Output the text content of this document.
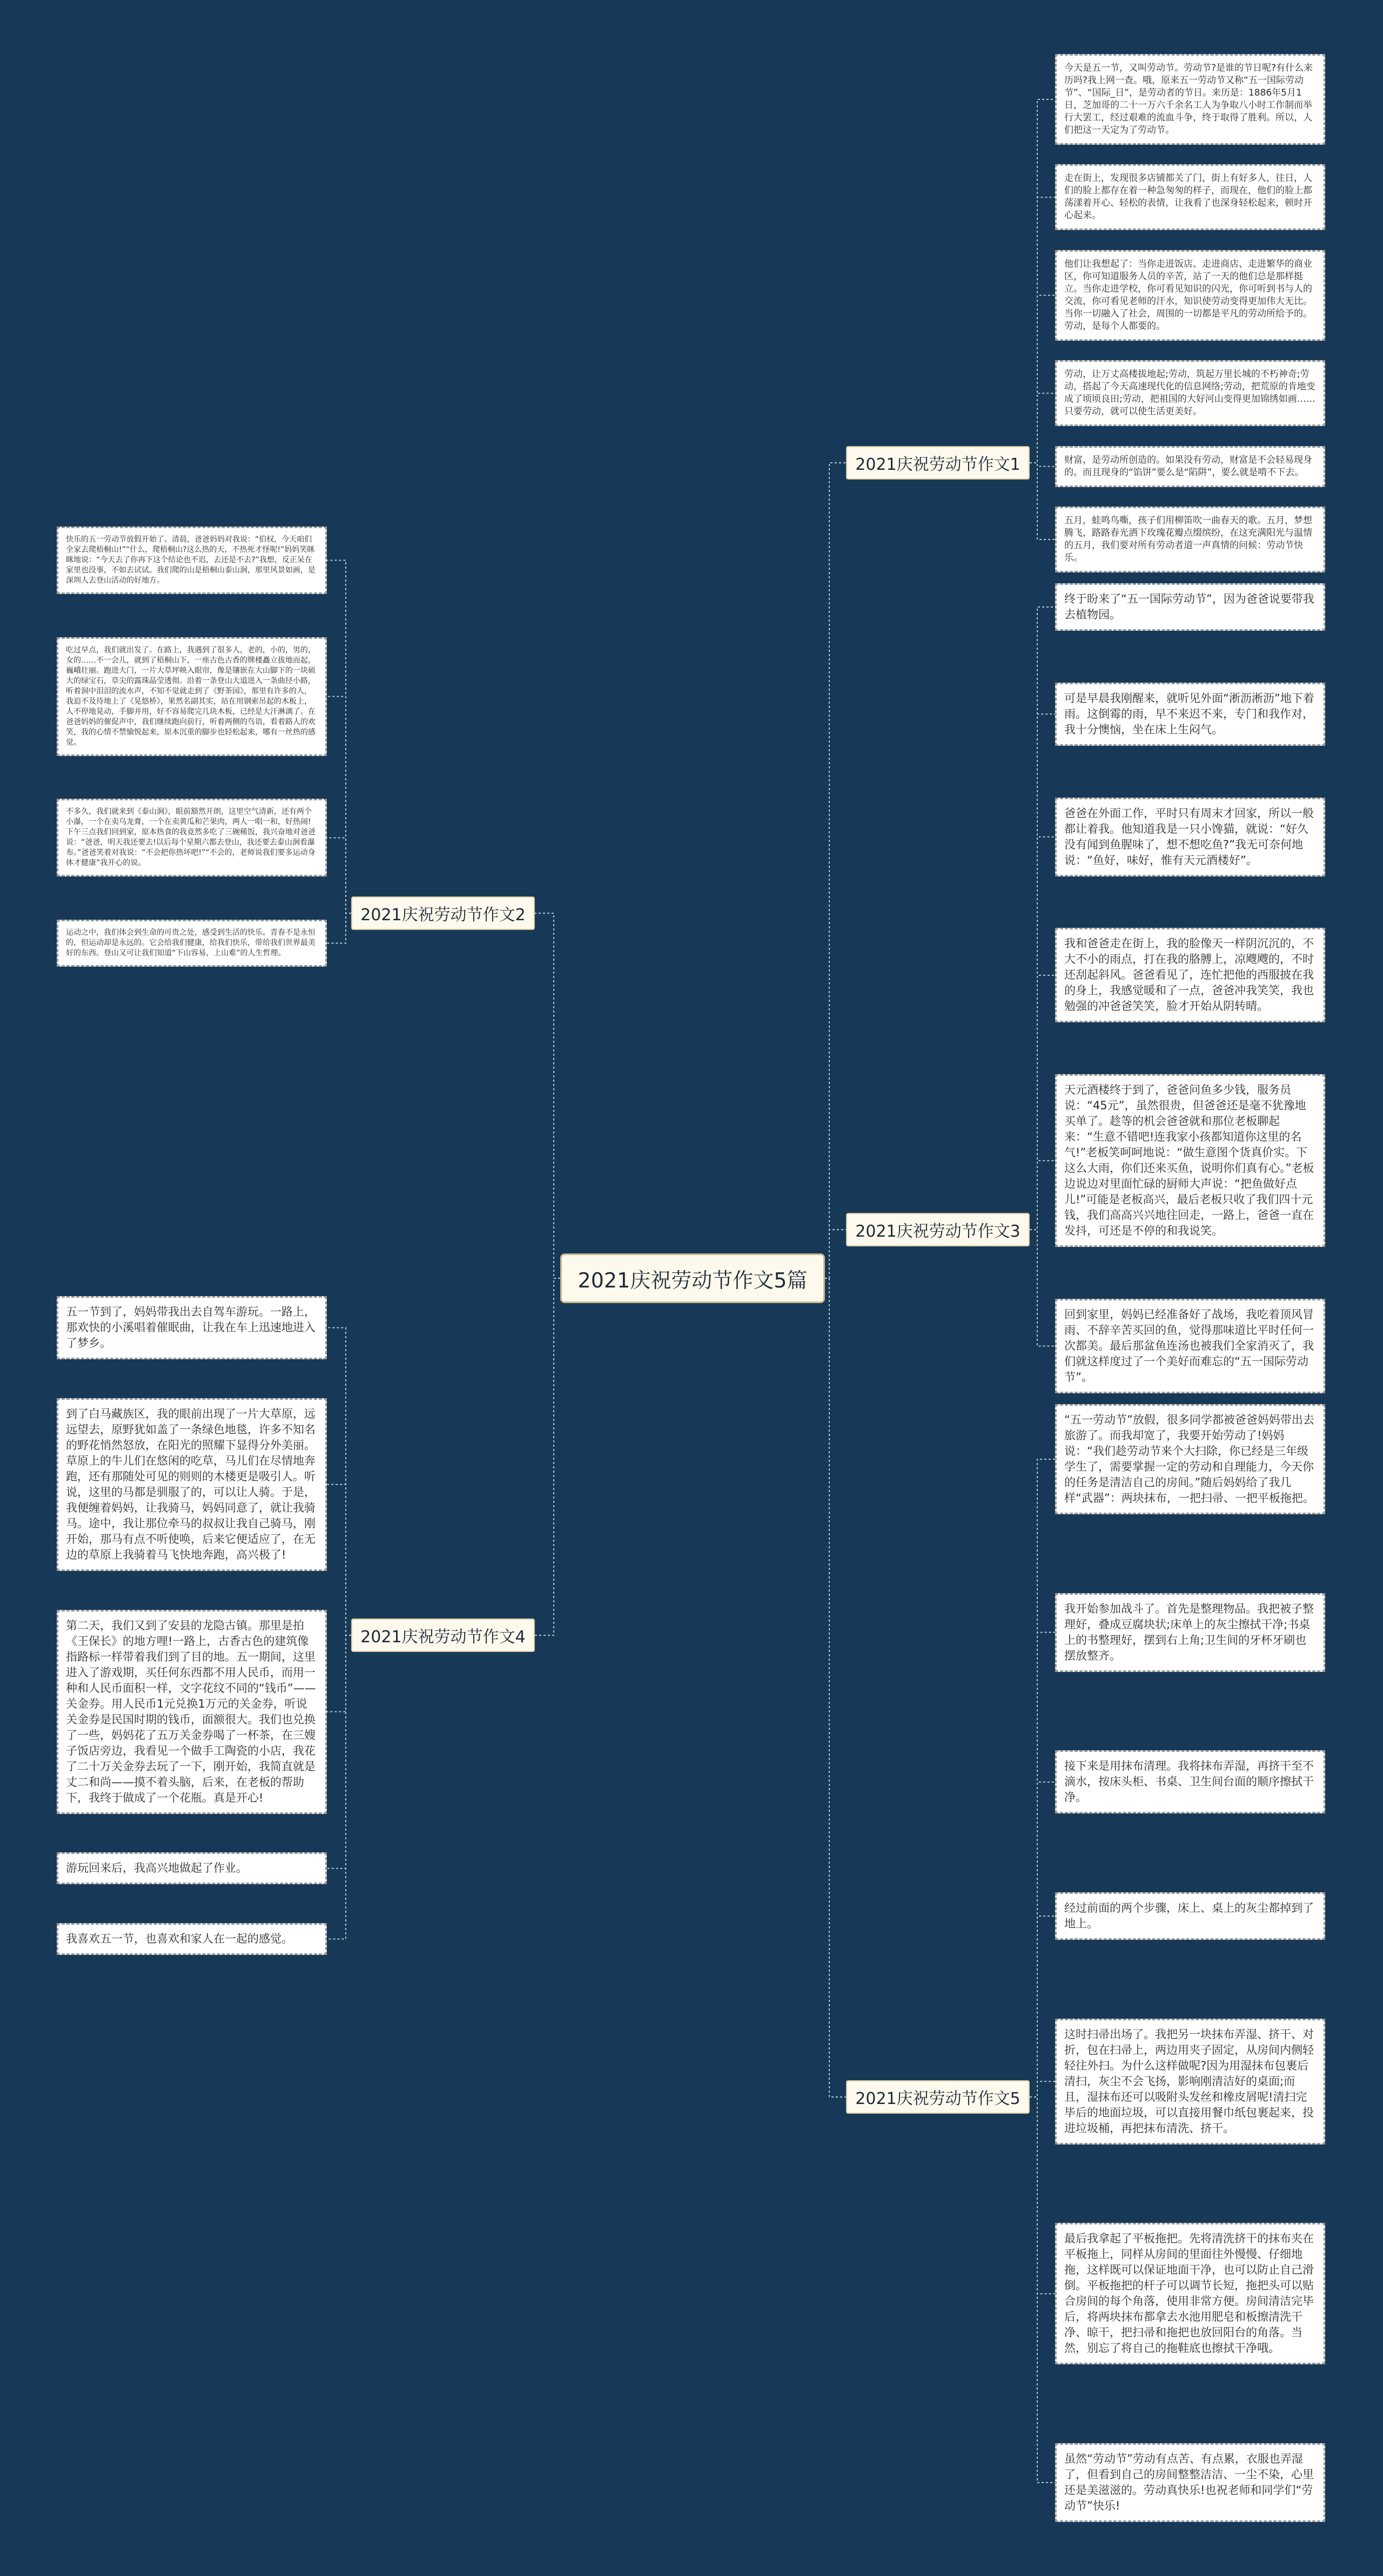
2021庆祝劳动节作文5篇
2021庆祝劳动节作文1
2021庆祝劳动节作文2
2021庆祝劳动节作文3
2021庆祝劳动节作文4
2021庆祝劳动节作文5
今天是五一节，又叫劳动节。劳动节?是谁的节日呢?有什么来历吗?我上网一查。哦，原来五一劳动节又称“五一国际劳动节”、“国际_日”，是劳动者的节日。来历是：1886年5月1日，芝加哥的二十一万六千余名工人为争取八小时工作制而举行大罢工，经过艰难的流血斗争，终于取得了胜利。所以，人们把这一天定为了劳动节。
走在街上，发现很多店铺都关了门，街上有好多人，往日，人们的脸上都存在着一种急匆匆的样子，而现在，他们的脸上都荡漾着开心、轻松的表情，让我看了也深身轻松起来，顿时开心起来。
他们让我想起了：当你走进饭店、走进商店、走进繁华的商业区，你可知道服务人员的辛苦，站了一天的他们总是那样挺立。当你走进学校，你可看见知识的闪光，你可听到书与人的交流，你可看见老师的汗水，知识使劳动变得更加伟大无比。当你一切融入了社会，周围的一切都是平凡的劳动所给予的。劳动，是每个人都要的。
劳动，让万丈高楼拔地起;劳动，筑起万里长城的不朽神奇;劳动，搭起了今天高速现代化的信息网络;劳动，把荒原的肯地变成了顷顷良田;劳动，把祖国的大好河山变得更加锦绣如画……只要劳动，就可以使生活更美好。
财富，是劳动所创造的。如果没有劳动，财富是不会轻易现身的。而且现身的“馅饼”要么是“陷阱”，要么就是啃不下去。
五月，蛙鸣鸟嘶，孩子们用柳笛吹一曲春天的歌。五月，梦想腾飞，路路春光洒下玫瑰花瓣点缀缤纷，在这充满阳光与温情的五月，我们要对所有劳动者道一声真情的问候：劳动节快乐。
快乐的五一劳动节放假开始了。清晨，爸爸妈妈对我说：“伯权，今天咱们全家去爬梧桐山!”“什么，爬梧桐山?这么热的天，不热死才怪呢!”妈妈笑眯眯地说：“今天去了你再下这个结论也不迟，去还是不去?”我想，反正呆在家里也没事，不如去试试。我们爬的山是梧桐山泰山涧，那里风景如画，是深圳人去登山活动的好地方。
吃过早点，我们就出发了。在路上，我遇到了很多人，老的，小的，男的，女的……不一会儿，就到了梧桐山下，一座古色古香的牌楼矗立拔地而起，巍峨壮丽。跑进大门，一片大草坪映入眼帘，像是镶嵌在大山脚下的一块硕大的绿宝石，草尖的露珠晶莹透彻。沿着一条登山大道进入一条曲径小路，听着洞中泪泪的流水声，不知不觉就走到了《野茶园》，那里有许多的人，我迫不及待地上了《晃悠桥》，果然名副其实，站在用钢索吊起的木板上，人不停地晃动，手脚并用，好不容易爬完几块木板，已经是大汗淋漓了。在爸爸妈妈的催促声中，我们继续跑向前行，听着两侧的鸟语，看着路人的欢笑，我的心情不禁愉悦起来，原本沉重的脚步也轻松起来，哪有一丝热的感觉。
不多久，我们就来到《泰山涧》，眼前豁然开朗，这里空气清新，还有两个小瀑，一个在卖乌龙膏，一个在卖黄瓜和芒果肉，两人一唱一和，好热闹!下午三点我们回到家，原本热食的我竟然多吃了三碗稀饭，我兴奋地对爸爸说：“爸爸，明天我还要去!以后每个星期六都去登山，我还要去泰山涧看瀑布。”爸爸笑着对我说：“不会把你热坏吧!”“不会的，老师说我们要多运动身体才健康”我开心的说。
运动之中，我们体会到生命的可贵之处，感受到生活的快乐。青春不是永恒的，但运动却是永远的。它会给我们健康，给我们快乐，带给我们世界最美好的东西。登山又可让我们知道“下山容易，上山难”的人生哲理。
终于盼来了“五一国际劳动节”，因为爸爸说要带我去植物园。
可是早晨我刚醒来，就听见外面“淅沥淅沥”地下着雨。这倒霉的雨，早不来迟不来，专门和我作对，我十分懊恼，坐在床上生闷气。
爸爸在外面工作，平时只有周末才回家，所以一般都让着我。他知道我是一只小馋猫，就说：“好久没有闻到鱼腥味了，想不想吃鱼?”我无可奈何地说：“鱼好，味好，惟有天元酒楼好”。
我和爸爸走在街上，我的脸像天一样阴沉沉的，不大不小的雨点，打在我的胳膊上，凉飕飕的，不时还刮起斜风。爸爸看见了，连忙把他的西服披在我的身上，我感觉暖和了一点，爸爸冲我笑笑，我也勉强的冲爸爸笑笑，脸才开始从阴转晴。
天元酒楼终于到了，爸爸问鱼多少钱，服务员说：“45元”，虽然很贵，但爸爸还是毫不犹豫地买单了。趁等的机会爸爸就和那位老板聊起来：“生意不错吧!连我家小孩都知道你这里的名气!”老板笑呵呵地说：“做生意图个货真价实。下这么大雨，你们还来买鱼，说明你们真有心。”老板边说边对里面忙碌的厨师大声说：“把鱼做好点儿!”可能是老板高兴，最后老板只收了我们四十元钱，我们高高兴兴地往回走，一路上，爸爸一直在发抖，可还是不停的和我说笑。
回到家里，妈妈已经准备好了战场，我吃着顶风冒雨、不辞辛苦买回的鱼，觉得那味道比平时任何一次都美。最后那盆鱼连汤也被我们全家消灭了，我们就这样度过了一个美好而难忘的“五一国际劳动节”。
五一节到了，妈妈带我出去自驾车游玩。一路上，那欢快的小溪唱着催眠曲，让我在车上迅速地进入了梦乡。
到了白马藏族区，我的眼前出现了一片大草原，远远望去，原野犹如盖了一条绿色地毯，许多不知名的野花悄然怒放，在阳光的照耀下显得分外美丽。草原上的牛儿们在悠闲的吃草，马儿们在尽情地奔跑，还有那随处可见的则则的木楼更是吸引人。听说，这里的马都是驯服了的，可以让人骑。于是，我便缠着妈妈，让我骑马，妈妈同意了，就让我骑马。途中，我让那位牵马的叔叔让我自己骑马，刚开始，那马有点不听使唤，后来它便适应了，在无边的草原上我骑着马飞快地奔跑，高兴极了!
第二天，我们又到了安县的龙隐古镇。那里是拍《王保长》的地方哩!一路上，古香古色的建筑像指路标一样带着我们到了目的地。五一期间，这里进入了游戏期，买任何东西都不用人民币，而用一种和人民币面积一样，文字花纹不同的“钱币”——关金券。用人民币1元兑换1万元的关金券，听说关金券是民国时期的钱币，面额很大。我们也兑换了一些，妈妈花了五万关金券喝了一杯茶，在三嫂子饭店旁边，我看见一个做手工陶瓷的小店，我花了二十万关金券去玩了一下，刚开始，我简直就是丈二和尚——摸不着头脑，后来，在老板的帮助下，我终于做成了一个花瓶。真是开心!
游玩回来后，我高兴地做起了作业。
我喜欢五一节，也喜欢和家人在一起的感觉。
“五一劳动节”放假，很多同学都被爸爸妈妈带出去旅游了。而我却宽了，我要开始劳动了!妈妈说：“我们趁劳动节来个大扫除，你已经是三年级学生了，需要掌握一定的劳动和自理能力，今天你的任务是清洁自己的房间。”随后妈妈给了我几样“武器”：两块抹布，一把扫帚、一把平板拖把。
我开始参加战斗了。首先是整理物品。我把被子整理好，叠成豆腐块状;床单上的灰尘擦拭干净;书桌上的书整理好，摆到右上角;卫生间的牙杯牙刷也摆放整齐。
接下来是用抹布清理。我将抹布弄湿，再挤干至不滴水，按床头柜、书桌、卫生间台面的顺序擦拭干净。
经过前面的两个步骤，床上、桌上的灰尘都掉到了地上。
这时扫帚出场了。我把另一块抹布弄湿、挤干、对折，包在扫帚上，两边用夹子固定，从房间内侧轻轻往外扫。为什么这样做呢?因为用湿抹布包裹后清扫，灰尘不会飞扬，影响刚清洁好的桌面;而且，湿抹布还可以吸附头发丝和橡皮屑呢!清扫完毕后的地面垃圾，可以直接用餐巾纸包裹起来，投进垃圾桶，再把抹布清洗、挤干。
最后我拿起了平板拖把。先将清洗挤干的抹布夹在平板拖上，同样从房间的里面往外慢慢、仔细地拖，这样既可以保证地面干净，也可以防止自己滑倒。平板拖把的杆子可以调节长短，拖把头可以贴合房间的每个角落，使用非常方便。房间清洁完毕后，将两块抹布都拿去水池用肥皂和板擦清洗干净、晾干，把扫帚和拖把也放回阳台的角落。当然，别忘了将自己的拖鞋底也擦拭干净哦。
虽然“劳动节”劳动有点苦、有点累，衣服也弄湿了，但看到自己的房间整整洁洁、一尘不染，心里还是美滋滋的。劳动真快乐!也祝老师和同学们“劳动节”快乐!
